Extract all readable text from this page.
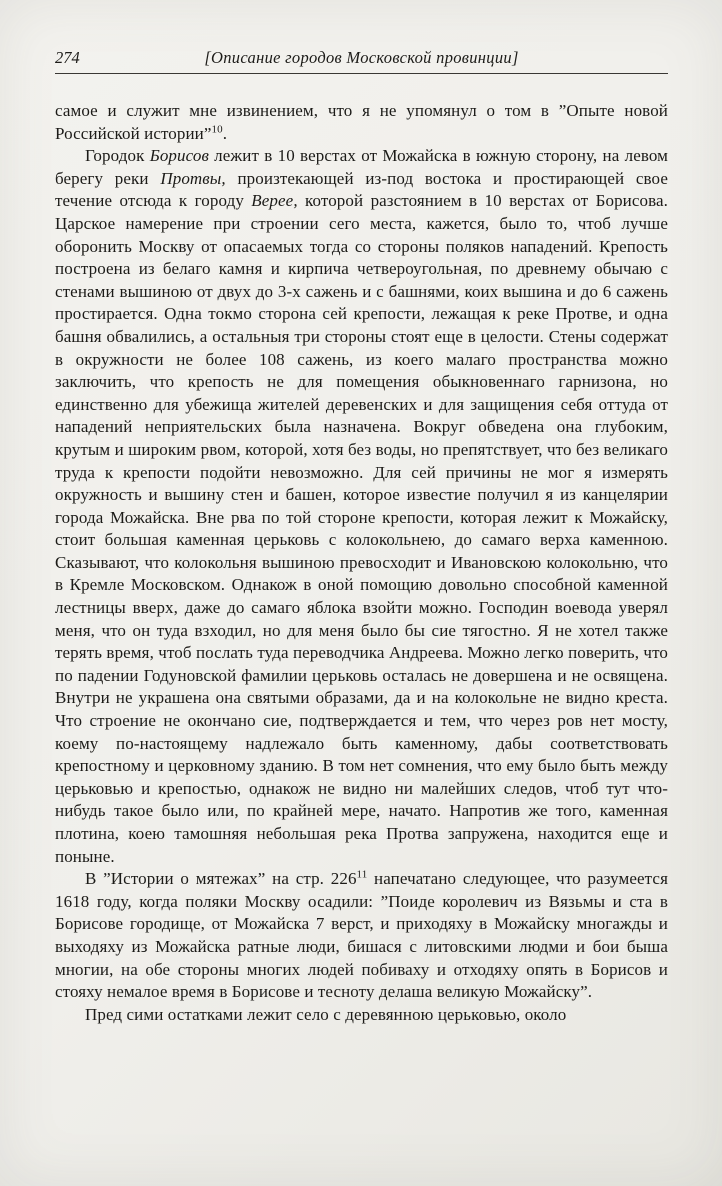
274	[Описание городов Московской провинции]

самое и служит мне извинением, что я не упомянул о том в ”Опыте новой Российской истории”$^{10}$.

Городок Борисов лежит в 10 верстах от Можайска в южную сторону, на левом берегу реки Протвы, произтекающей из-под востока и простирающей свое течение отсюда к городу Верее, которой разстоянием в 10 верстах от Борисова. Царское намерение при строении сего места, кажется, было то, чтоб лучше оборонить Москву от опасаемых тогда со стороны поляков нападений. Крепость построена из белаго камня и кирпича четвероугольная, по древнему обычаю с стенами вышиною от двух до 3-х сажень и с башнями, коих вышина и до 6 сажень простирается. Одна токмо сторона сей крепости, лежащая к реке Протве, и одна башня обвалились, а остальныя три стороны стоят еще в целости. Стены содержат в окружности не более 108 сажень, из коего малаго пространства можно заключить, что крепость не для помещения обыкновеннаго гарнизона, но единственно для убежища жителей деревенских и для защищения себя оттуда от нападений неприятельских была назначена. Вокруг обведена она глубоким, крутым и широким рвом, которой, хотя без воды, но препятствует, что без великаго труда к крепости подойти невозможно. Для сей причины не мог я измерять окружность и вышину стен и башен, которое известие получил я из канцелярии города Можайска. Вне рва по той стороне крепости, которая лежит к Можайску, стоит большая каменная церьковь с колокольнею, до самаго верха каменною. Сказывают, что колокольня вышиною превосходит и Ивановскою колокольню, что в Кремле Московском. Однакож в оной помощию довольно способной каменной лестницы вверх, даже до самаго яблока взойти можно. Господин воевода уверял меня, что он туда взходил, но для меня было бы сие тягостно. Я не хотел также терять время, чтоб послать туда переводчика Андреева. Можно легко поверить, что по падении Годуновской фамилии церьковь осталась не довершена и не освящена. Внутри не украшена она святыми образами, да и на колокольне не видно креста. Что строение не окончано сие, подтверждается и тем, что через ров нет мосту, коему по-настоящему надлежало быть каменному, дабы соответствовать крепостному и церковному зданию. В том нет сомнения, что ему было быть между церьковью и крепостью, однакож не видно ни малейших следов, чтоб тут что-нибудь такое было или, по крайней мере, начато. Напротив же того, каменная плотина, коею тамошняя небольшая река Протва запружена, находится еще и поныне.

В ”Истории о мятежах” на стр. $226^{11}$ напечатано следующее, что разумеется 1618 году, когда поляки Москву осадили: ”Поиде королевич из Вязьмы и ста в Борисове городище, от Можайска 7 верст, и приходяху в Можайску многажды и выходяху из Можайска ратные люди, бишася с литовскими людми и бои быша многии, на обе стороны многих людей побиваху и отходяху опять в Борисов и стояху немалое время в Борисове и тесноту делаша великую Можайску”.

Пред сими остатками лежит село с деревянною церьковью, около
